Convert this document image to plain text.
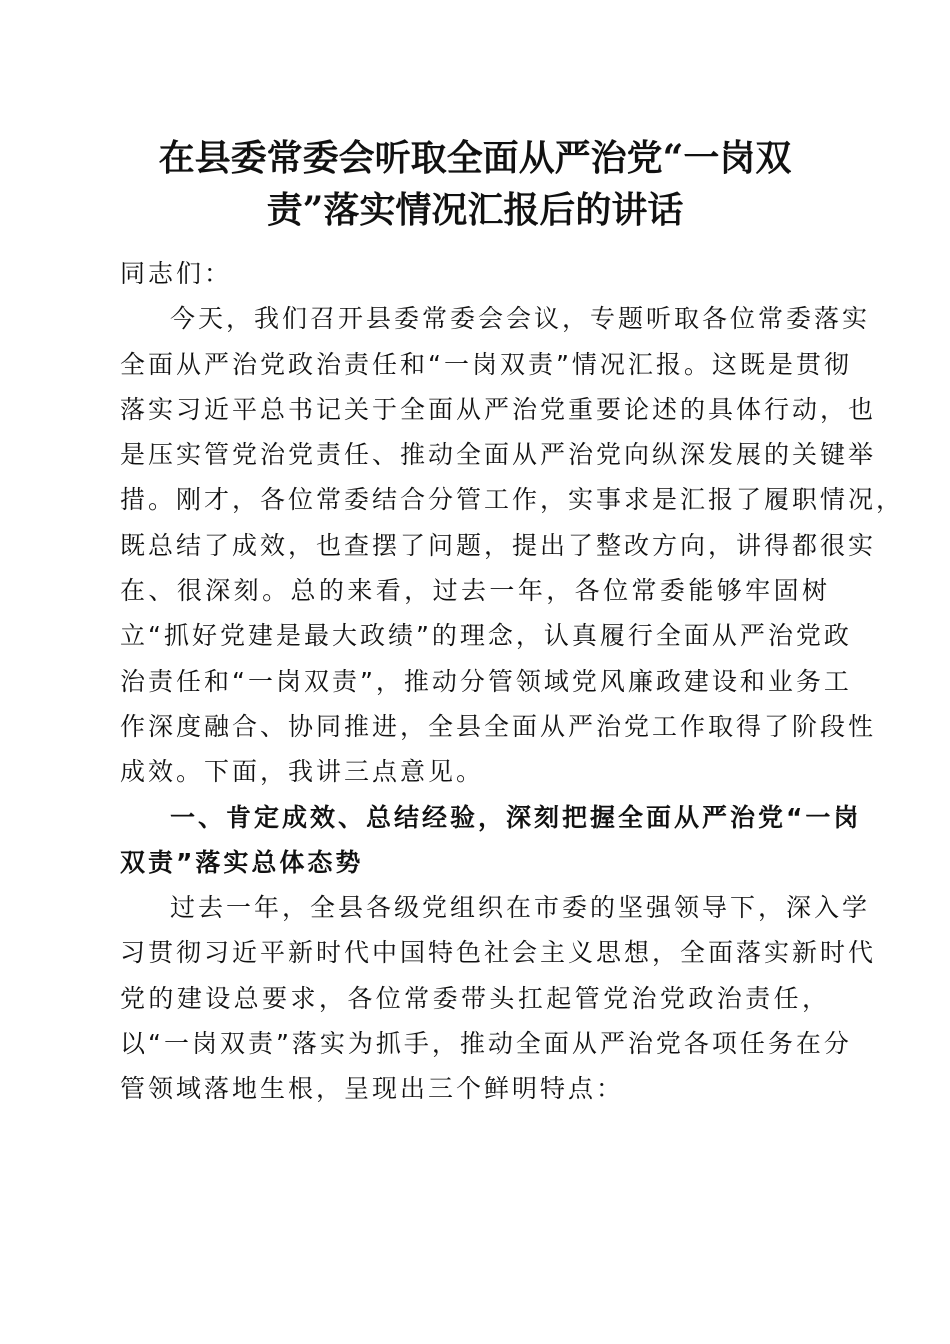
在县委常委会听取全面从严治党“一岗双
责”落实情况汇报后的讲话
同志们：
今天，我们召开县委常委会会议，专题听取各位常委落实
全面从严治党政治责任和“一岗双责”情况汇报。这既是贯彻
落实习近平总书记关于全面从严治党重要论述的具体行动，也
是压实管党治党责任、推动全面从严治党向纵深发展的关键举
措。刚才，各位常委结合分管工作，实事求是汇报了履职情况，
既总结了成效，也查摆了问题，提出了整改方向，讲得都很实
在、很深刻。总的来看，过去一年，各位常委能够牢固树
立“抓好党建是最大政绩”的理念，认真履行全面从严治党政
治责任和“一岗双责”，推动分管领域党风廉政建设和业务工
作深度融合、协同推进，全县全面从严治党工作取得了阶段性
成效。下面，我讲三点意见。
一、肯定成效、总结经验，深刻把握全面从严治党“一岗
双责”落实总体态势
过去一年，全县各级党组织在市委的坚强领导下，深入学
习贯彻习近平新时代中国特色社会主义思想，全面落实新时代
党的建设总要求，各位常委带头扛起管党治党政治责任，
以“一岗双责”落实为抓手，推动全面从严治党各项任务在分
管领域落地生根，呈现出三个鲜明特点：
